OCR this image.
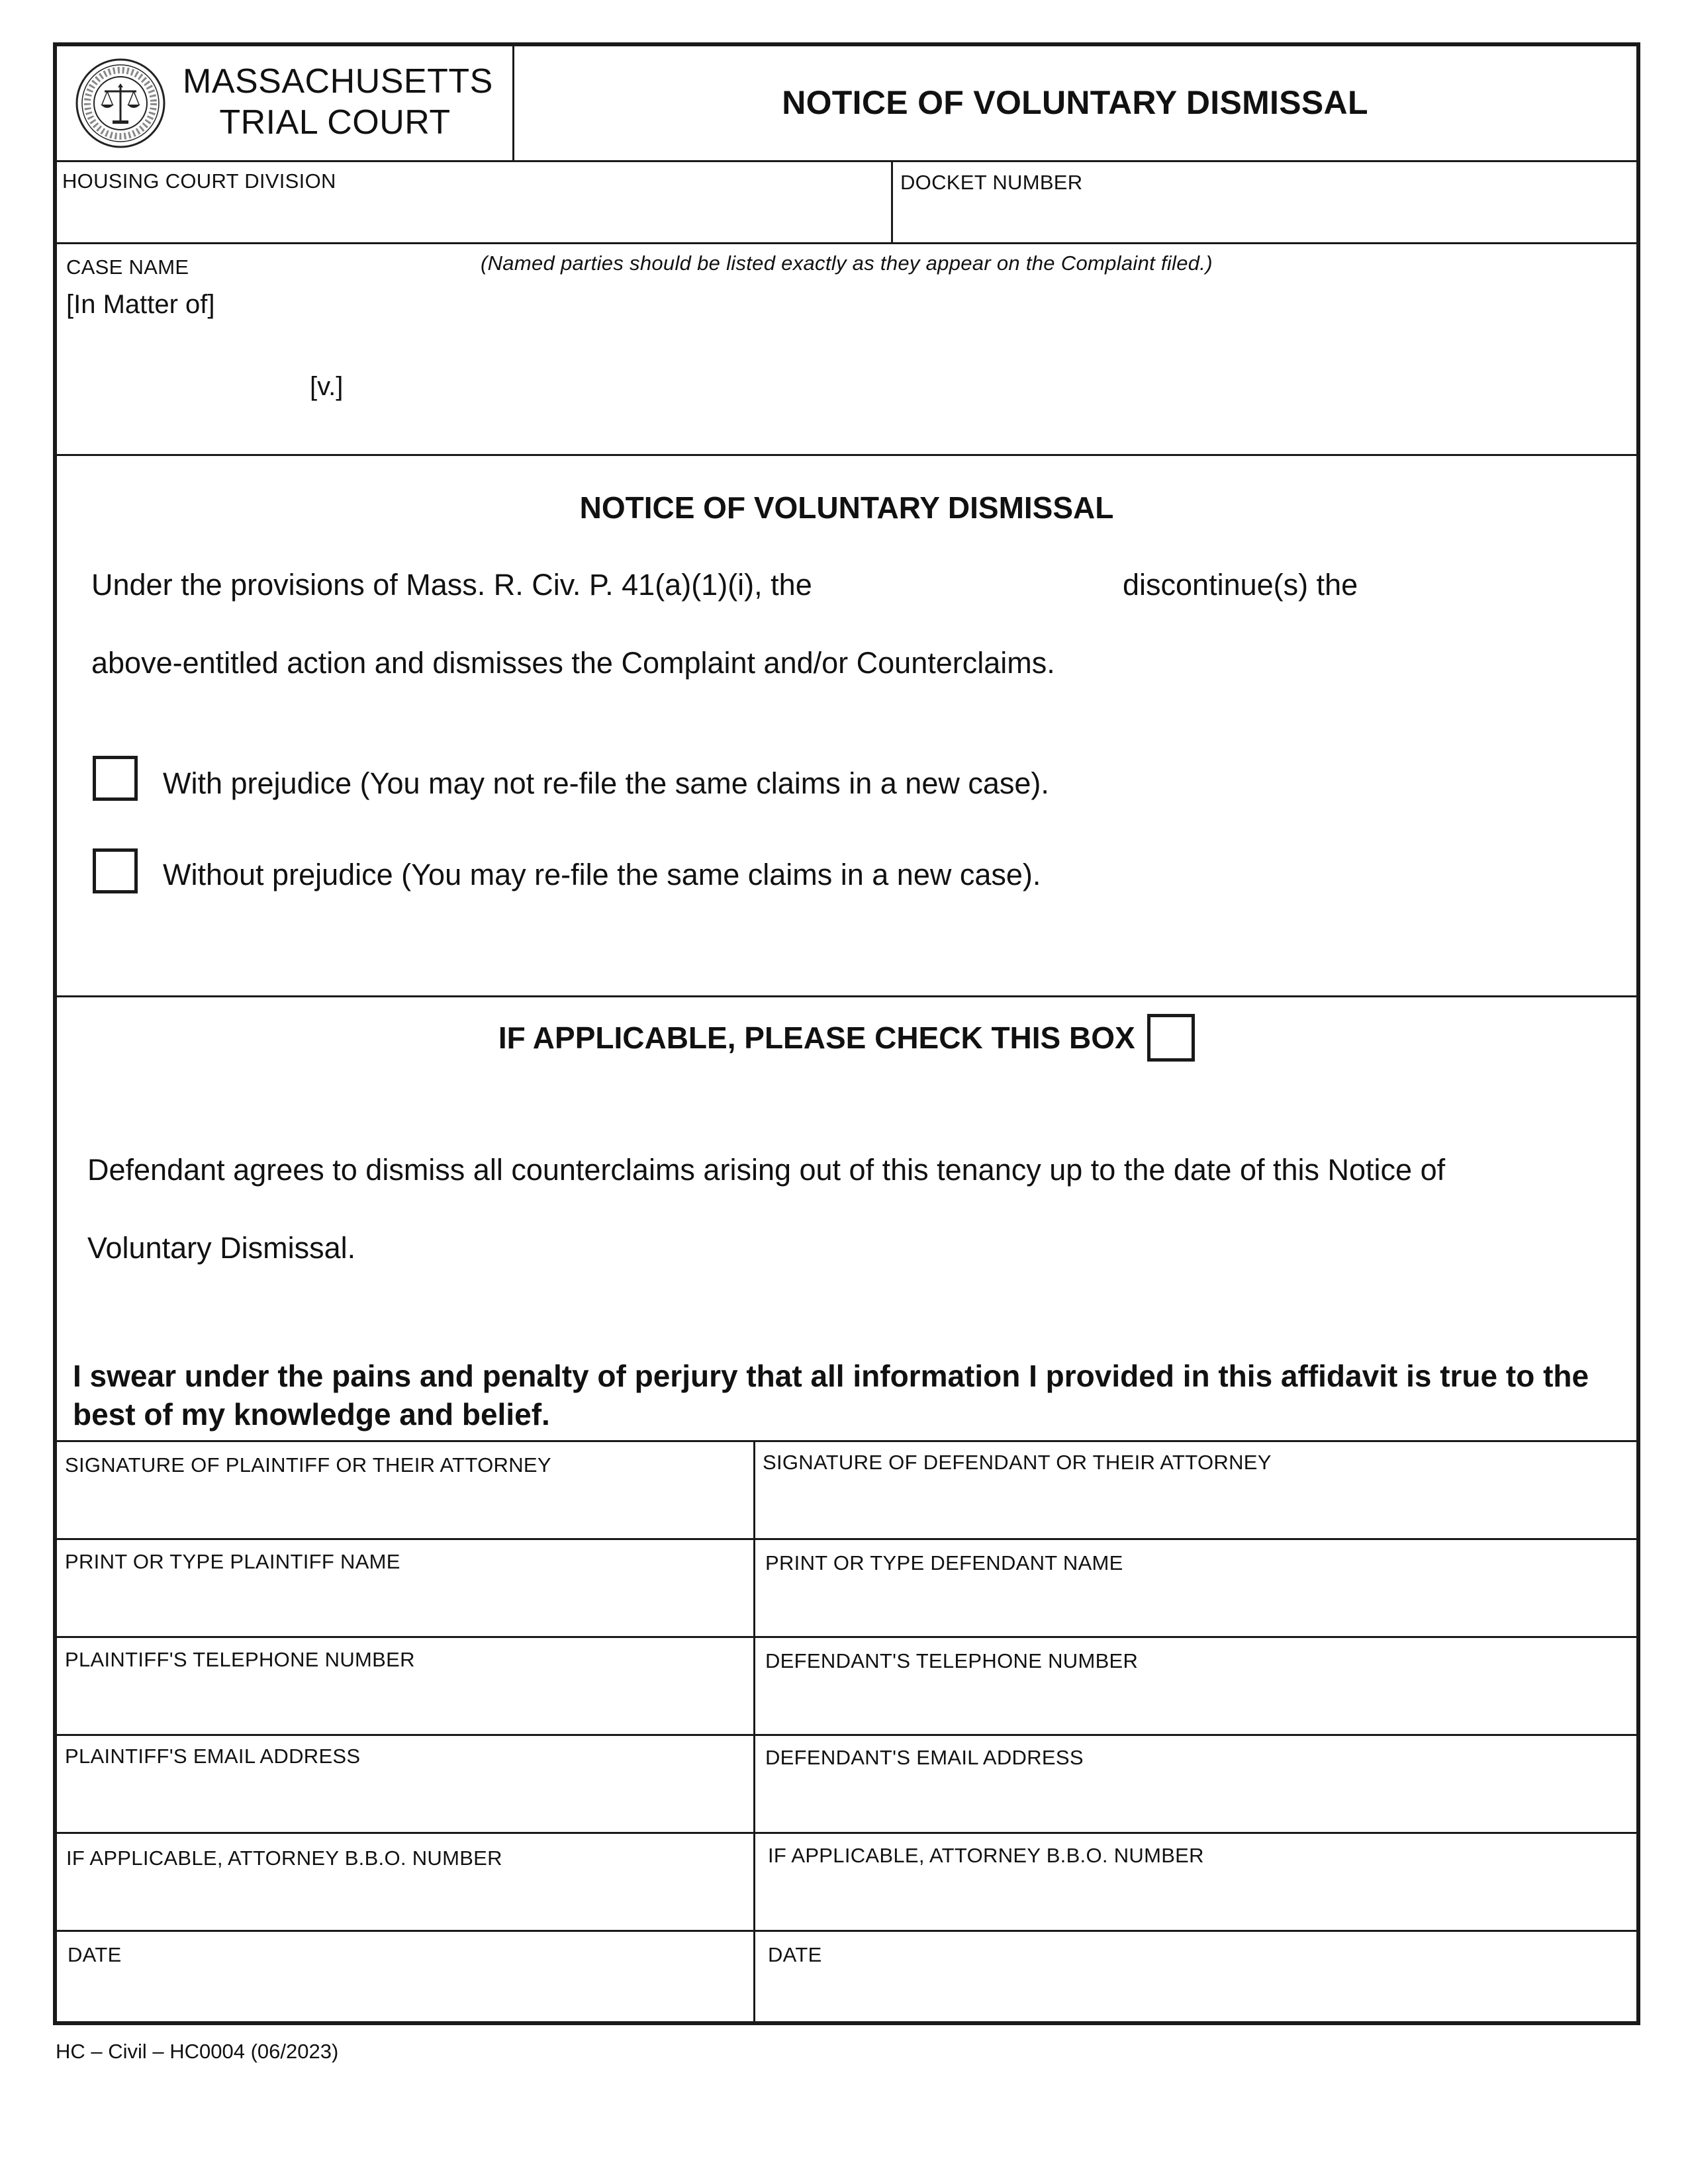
MASSACHUSETTS
TRIAL COURT
NOTICE OF VOLUNTARY DISMISSAL
HOUSING COURT DIVISION	DOCKET NUMBER
CASE NAME	(Named parties should be listed exactly as they appear on the Complaint filed.)
[In Matter of]
[v.]
NOTICE OF VOLUNTARY DISMISSAL
Under the provisions of Mass. R. Civ. P. 41(a)(1)(i), the	discontinue(s) the
above-entitled action and dismisses the Complaint and/or Counterclaims.
With prejudice (You may not re-file the same claims in a new case).
Without prejudice (You may re-file the same claims in a new case).
IF APPLICABLE, PLEASE CHECK THIS BOX
Defendant agrees to dismiss all counterclaims arising out of this tenancy up to the date of this Notice of
Voluntary Dismissal.
I swear under the pains and penalty of perjury that all information I provided in this affidavit is true to the best of my knowledge and belief.
SIGNATURE OF PLAINTIFF OR THEIR ATTORNEY	SIGNATURE OF DEFENDANT OR THEIR ATTORNEY
PRINT OR TYPE PLAINTIFF NAME	PRINT OR TYPE DEFENDANT NAME
PLAINTIFF'S TELEPHONE NUMBER	DEFENDANT'S TELEPHONE NUMBER
PLAINTIFF'S EMAIL ADDRESS	DEFENDANT'S EMAIL ADDRESS
IF APPLICABLE, ATTORNEY B.B.O. NUMBER	IF APPLICABLE, ATTORNEY B.B.O. NUMBER
DATE	DATE
HC – Civil – HC0004 (06/2023)
